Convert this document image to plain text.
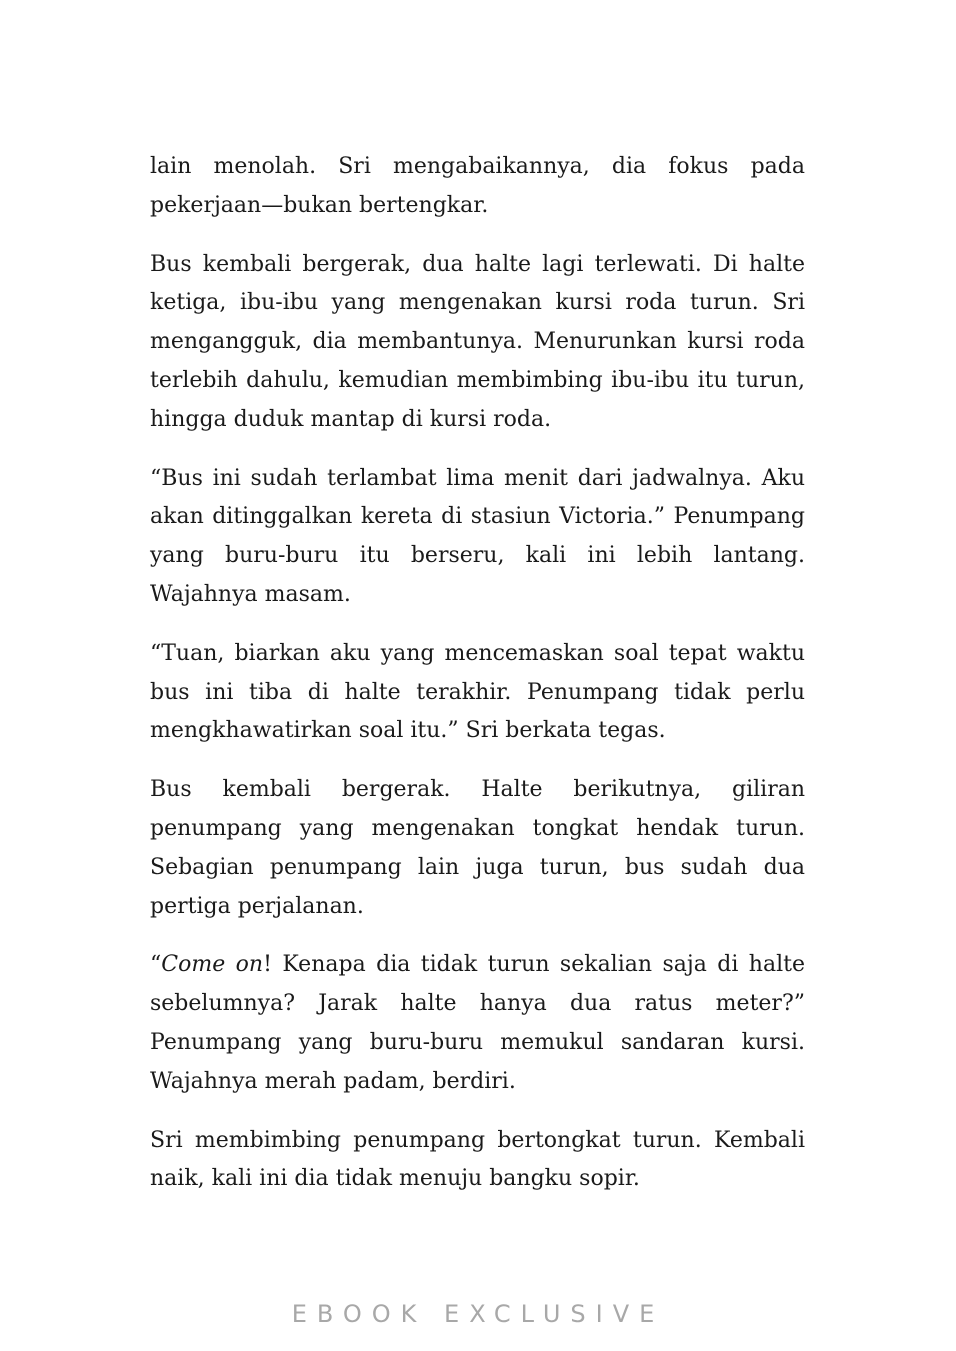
lain menolah. Sri mengabaikannya, dia fokus pada pekerjaan—bukan bertengkar.

Bus kembali bergerak, dua halte lagi terlewati. Di halte ketiga, ibu-ibu yang mengenakan kursi roda turun. Sri mengangguk, dia membantunya. Menurunkan kursi roda terlebih dahulu, kemudian membimbing ibu-ibu itu turun, hingga duduk mantap di kursi roda.

“Bus ini sudah terlambat lima menit dari jadwalnya. Aku akan ditinggalkan kereta di stasiun Victoria.” Penumpang yang buru-buru itu berseru, kali ini lebih lantang. Wajahnya masam.

“Tuan, biarkan aku yang mencemaskan soal tepat waktu bus ini tiba di halte terakhir. Penumpang tidak perlu mengkhawatirkan soal itu.” Sri berkata tegas.

Bus kembali bergerak. Halte berikutnya, giliran penumpang yang mengenakan tongkat hendak turun. Sebagian penumpang lain juga turun, bus sudah dua pertiga perjalanan.

“Come on! Kenapa dia tidak turun sekalian saja di halte sebelumnya? Jarak halte hanya dua ratus meter?” Penumpang yang buru-buru memukul sandaran kursi. Wajahnya merah padam, berdiri.

Sri membimbing penumpang bertongkat turun. Kembali naik, kali ini dia tidak menuju bangku sopir.

EBOOK EXCLUSIVE
